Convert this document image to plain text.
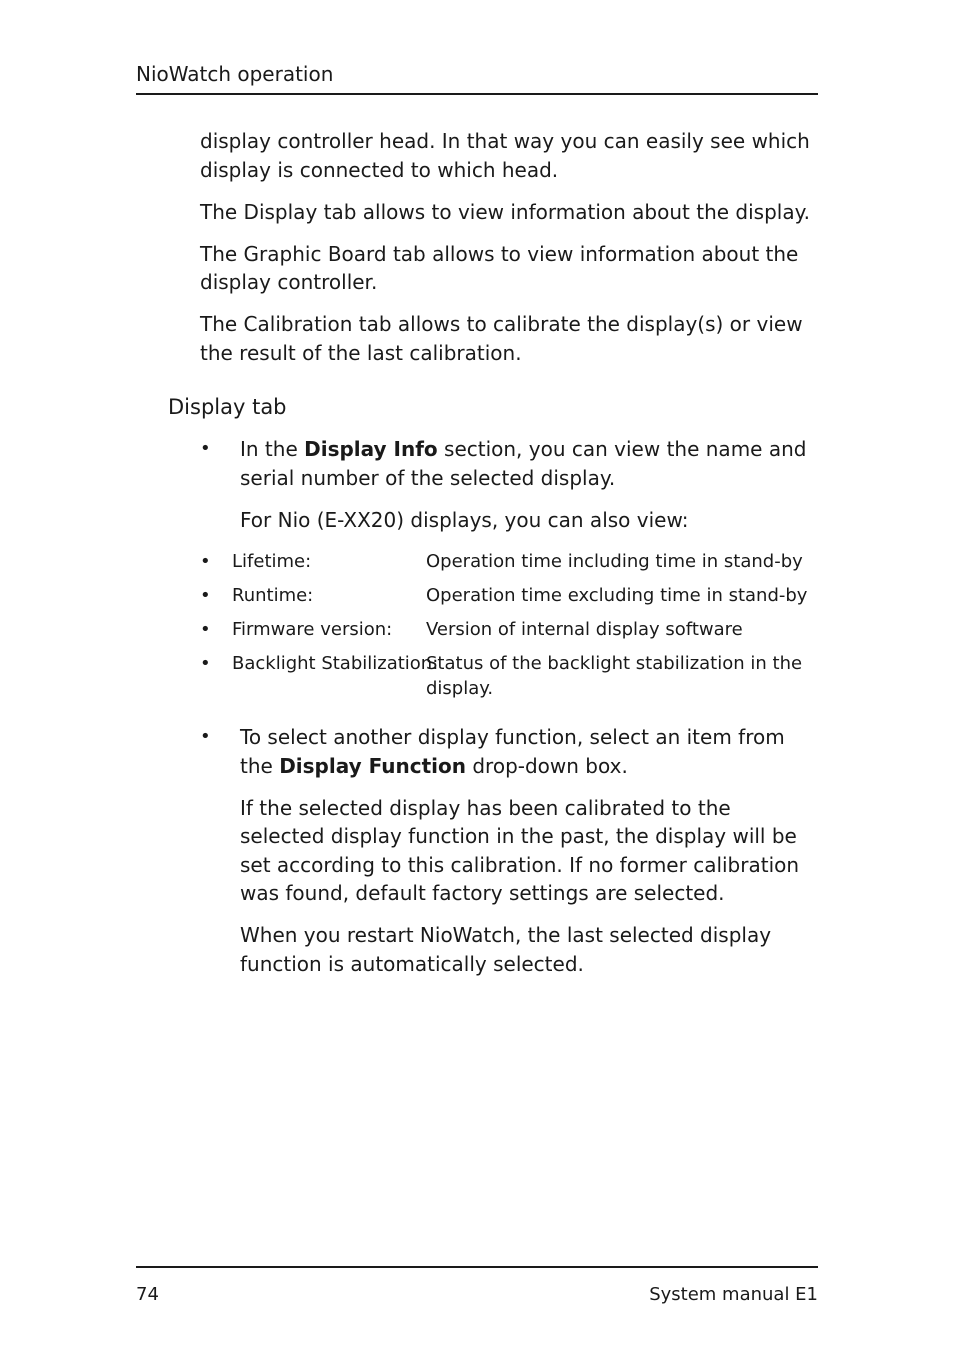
NioWatch operation

display controller head. In that way you can easily see which display is connected to which head.

The Display tab allows to view information about the display.

The Graphic Board tab allows to view information about the display controller.

The Calibration tab allows to calibrate the display(s) or view the result of the last calibration.

Display tab
• In the Display Info section, you can view the name and serial number of the selected display.

For Nio (E-XX20) displays, you can also view:

• Lifetime:	Operation time including time in stand-by
• Runtime:	Operation time excluding time in stand-by
• Firmware version: Version of internal display software
• Backlight Stabilization:
Status of the backlight stabilization in the display.
• To select another display function, select an item from the Display Function drop-down box.

If the selected display has been calibrated to the selected display function in the past, the display will be set according to this calibration. If no former calibration was found, default factory settings are selected.

When you restart NioWatch, the last selected display function is automatically selected.

74	System manual E1
